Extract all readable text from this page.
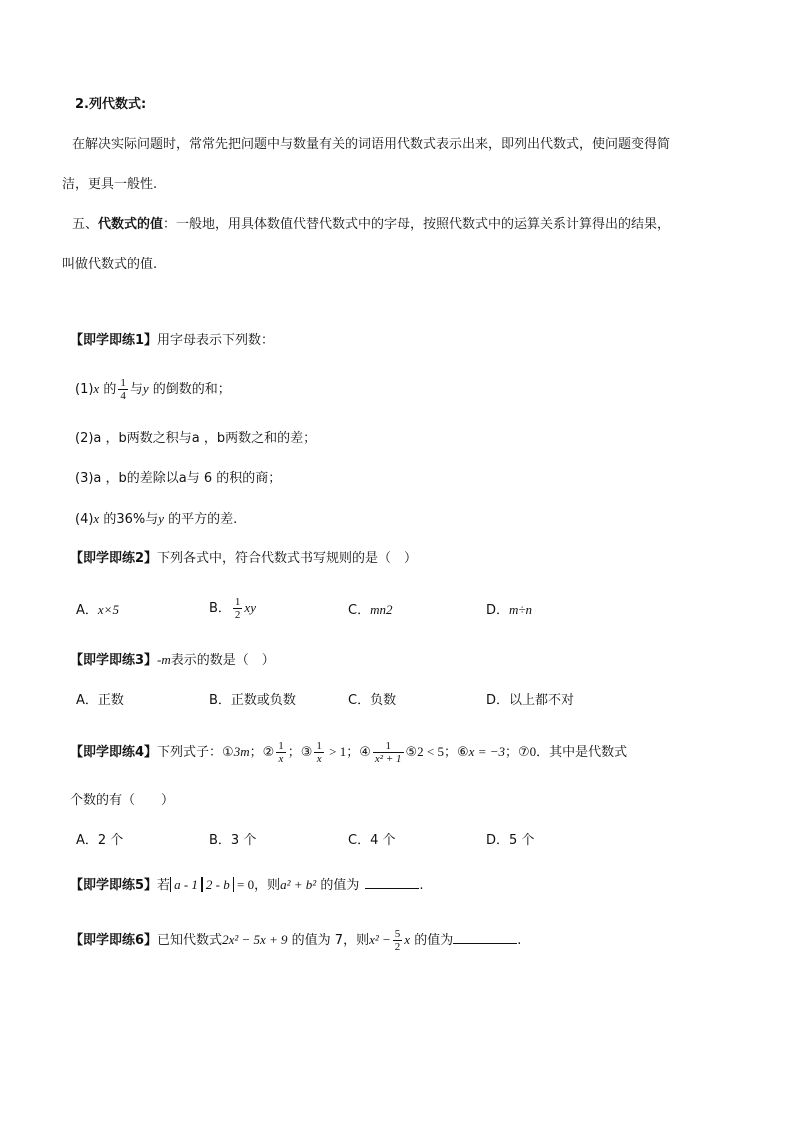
2.列代数式:
在解决实际问题时，常常先把问题中与数量有关的词语用代数式表示出来，即列出代数式，使问题变得简
洁，更具一般性.
五、代数式的值：一般地，用具体数值代替代数式中的字母，按照代数式中的运算关系计算得出的结果，
叫做代数式的值.
【即学即练1】用字母表示下列数：
(1)x 的 $\frac{1}{4}$ 与y 的倒数的和；
(2)a ，b两数之积与a ，b两数之和的差；
(3)a ，b的差除以a与 6 的积的商；
(4)x 的36%与y 的平方的差.
【即学即练2】下列各式中，符合代数式书写规则的是（　）
A．x×5	B． $\frac{1}{2}$ xy	C．mn2	D．m÷n
【即学即练3】-m表示的数是（　）
A．正数	B．正数或负数	C．负数	D．以上都不对
【即学即练4】下列式子：①3m；② $\frac{1}{x}$ ；③ $\frac{1}{x} > 1$；④ $\frac{1}{\text{x² + 1}}$ ⑤2 < 5；⑥x = −3；⑦0．其中是代数式
个数的有（　　）
A．2 个	B．3 个	C．4 个	D．5 个
【即学即练5】若 a - 1 2 - b = 0，则a² + b² 的值为	.
【即学即练6】已知代数式2x² − 5x + 9 的值为 7，则$x^2 - \frac{5}{2}$ x 的值为	.
